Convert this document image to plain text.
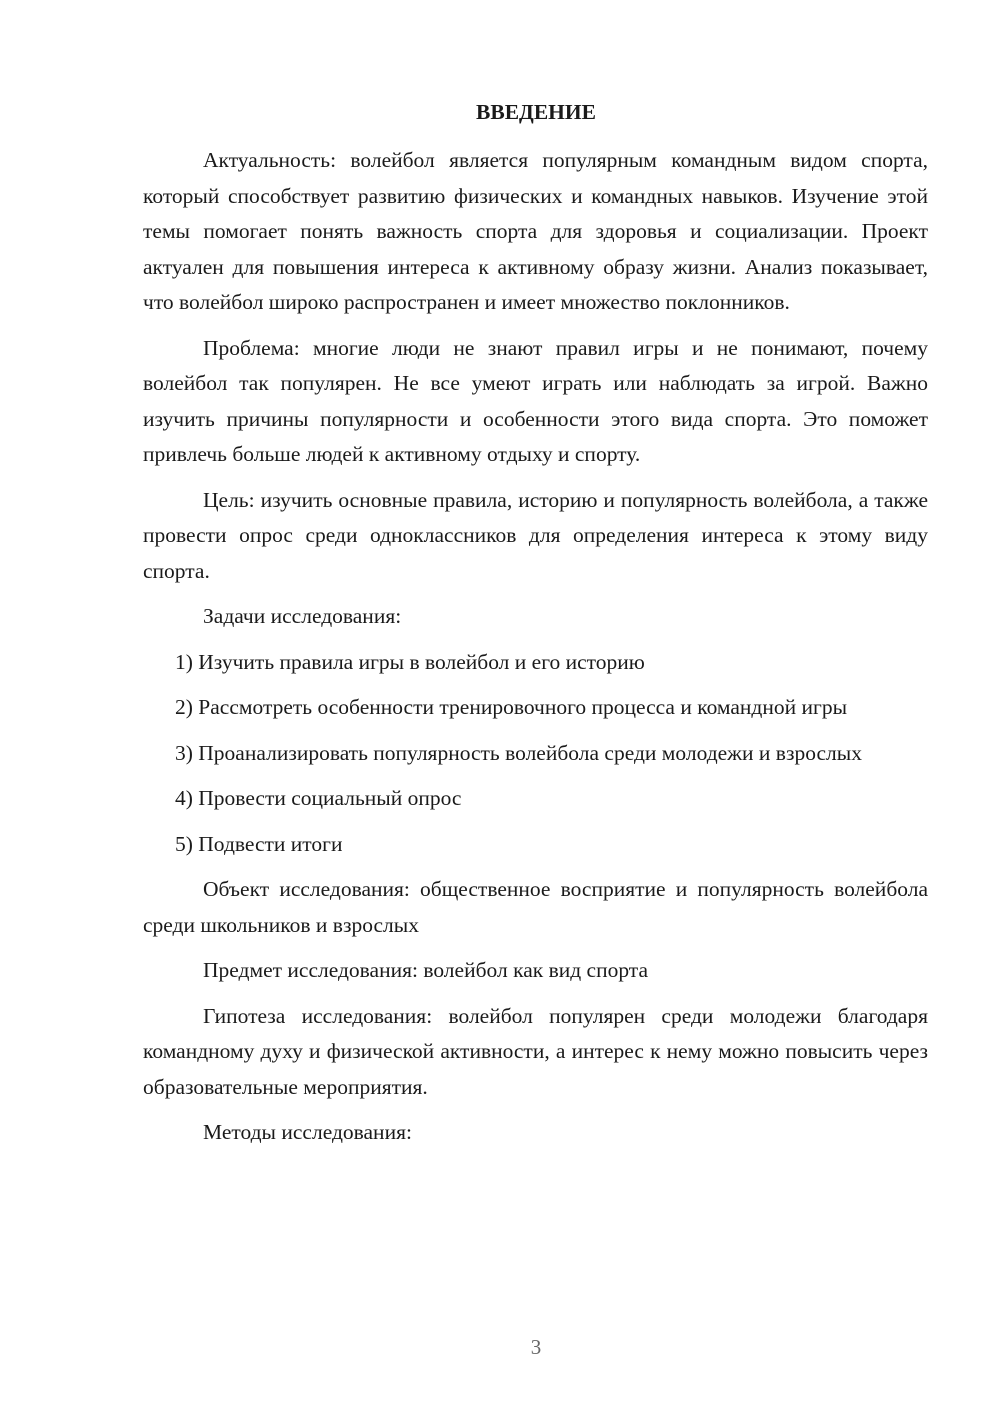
ВВЕДЕНИЕ

Актуальность: волейбол является популярным командным видом спорта, который способствует развитию физических и командных навыков. Изучение этой темы помогает понять важность спорта для здоровья и социализации. Проект актуален для повышения интереса к активному образу жизни. Анализ показывает, что волейбол широко распространен и имеет множество поклонников.

Проблема: многие люди не знают правил игры и не понимают, почему волейбол так популярен. Не все умеют играть или наблюдать за игрой. Важно изучить причины популярности и особенности этого вида спорта. Это поможет привлечь больше людей к активному отдыху и спорту.

Цель: изучить основные правила, историю и популярность волейбола, а также провести опрос среди одноклассников для определения интереса к этому виду спорта.

Задачи исследования:

1) Изучить правила игры в волейбол и его историю

2) Рассмотреть особенности тренировочного процесса и командной игры

3) Проанализировать популярность волейбола среди молодежи и взрослых

4) Провести социальный опрос

5) Подвести итоги

Объект исследования: общественное восприятие и популярность волейбола среди школьников и взрослых

Предмет исследования: волейбол как вид спорта

Гипотеза исследования: волейбол популярен среди молодежи благодаря командному духу и физической активности, а интерес к нему можно повысить через образовательные мероприятия.

Методы исследования:

3
